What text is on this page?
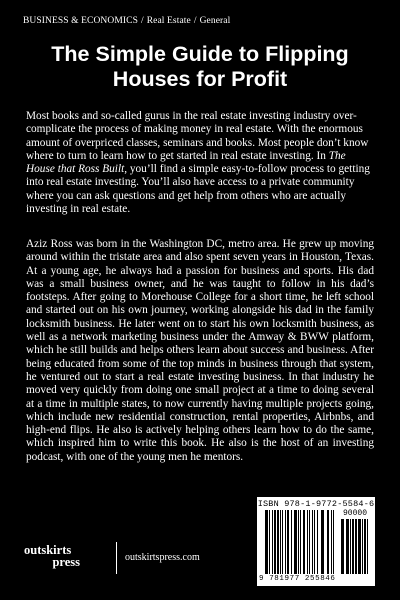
BUSINESS & ECONOMICS / Real Estate / General
The Simple Guide to Flipping
Houses for Profit

Most books and so-called gurus in the real estate investing industry over-complicate the process of making money in real estate. With the enormous amount of overpriced classes, seminars and books. Most people don’t know where to turn to learn how to get started in real estate investing. In The House that Ross Built, you’ll find a simple easy-to-follow process to getting into real estate investing. You’ll also have access to a private community where you can ask questions and get help from others who are actually investing in real estate.

Aziz Ross was born in the Washington DC, metro area. He grew up moving around within the tristate area and also spent seven years in Houston, Texas. At a young age, he always had a passion for business and sports. His dad was a small business owner, and he was taught to follow in his dad’s footsteps. After going to Morehouse College for a short time, he left school and started out on his own journey, working alongside his dad in the family locksmith business. He later went on to start his own locksmith business, as well as a network marketing business under the Amway & BWW platform, which he still builds and helps others learn about success and business. After being educated from some of the top minds in business through that system, he ventured out to start a real estate investing business. In that industry he moved very quickly from doing one small project at a time to doing several at a time in multiple states, to now currently having multiple projects going, which include new residential construction, rental properties, Airbnbs, and high-end flips. He also is actively helping others learn how to do the same, which inspired him to write this book. He also is the host of an investing podcast, with one of the young men he mentors.

ISBN 978-1-9772-5584-6
90000
9 781977 255846
outskirts
press	outskirtspress.com
